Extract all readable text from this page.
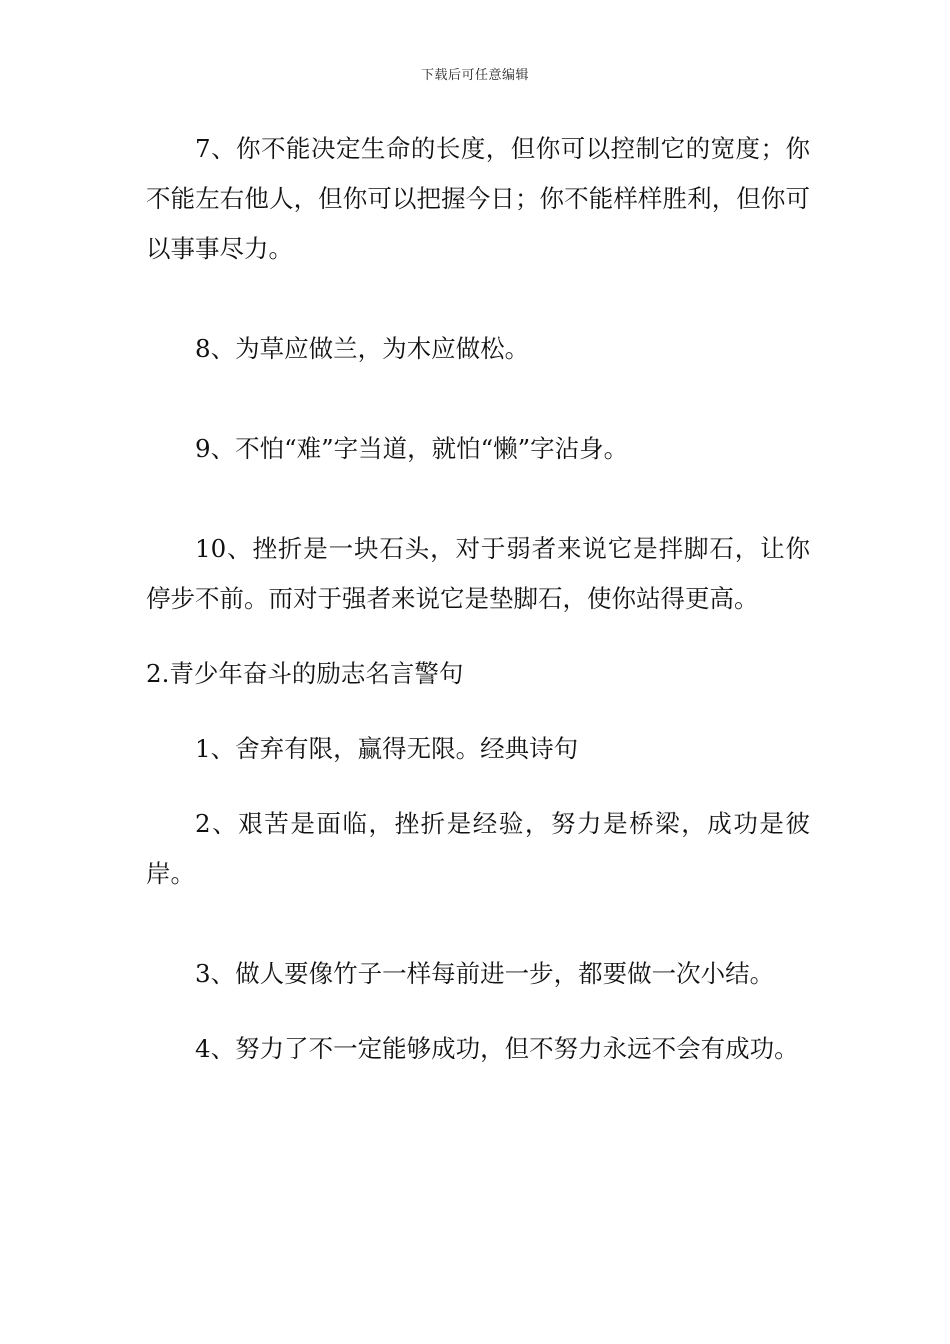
下载后可任意编辑

7、你不能决定生命的长度，但你可以控制它的宽度；你不能左右他人，但你可以把握今日；你不能样样胜利，但你可以事事尽力。

8、为草应做兰，为木应做松。

9、不怕“难”字当道，就怕“懒”字沾身。

10、挫折是一块石头，对于弱者来说它是拌脚石，让你停步不前。而对于强者来说它是垫脚石，使你站得更高。

2.青少年奋斗的励志名言警句

1、舍弃有限，赢得无限。经典诗句

2、艰苦是面临，挫折是经验，努力是桥梁，成功是彼岸。

3、做人要像竹子一样每前进一步，都要做一次小结。

4、努力了不一定能够成功，但不努力永远不会有成功。
